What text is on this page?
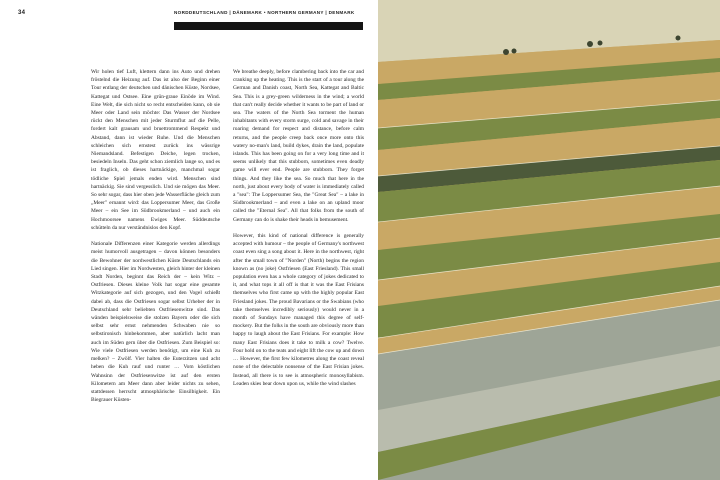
34	NORDDEUTSCHLAND | DÄNEMARK • NORTHERN GERMANY | DENMARK

Wir holen tief Luft, klettern dann ins Auto und drehen fröstelnd die Heizung auf. Das ist also der Beginn einer Tour entlang der deutschen und dänischen Küste, Nordsee, Kattegat und Ostsee. Eine grün-graue Einöde im Wind. Eine Welt, die sich nicht so recht entscheiden kann, ob sie Meer oder Land sein möchte: Das Wasser der Nordsee rückt den Menschen mit jeder Sturmflut auf die Pelle, fordert kalt grausam und bruettrommend Respekt und Abstand, dann ist wieder Ruhe. Und die Menschen schleichen sich ernstest zurück ins wässrige Niemandsland. Befestigen Deiche, legen trocken, besiedeln Inseln. Das geht schon ziemlich lange so, und es ist fraglich, ob dieses hartnäckige, manchmal sogar tödliche Spiel jemals enden wird. Menschen sind hartnäckig. Sie sind vergesslich. Und sie mögen das Meer. So sehr sogar, dass hier oben jede Wasserfläche gleich zum „Meer" ernannt wird: das Loppersumer Meer, das Große Meer – ein See im Südbrookmerland – und auch ein Hochmoorsee namens Ewiges Meer. Süddeutsche schütteln da nur verständnislos den Kopf.

Nationale Differenzen einer Kategorie werden allerdings meist humorvoll ausgetragen – davon können besonders die Bewohner der nordwestlichen Küste Deutschlands ein Lied singen. Hier im Nordwesten, gleich hinter der kleinen Stadt Norden, beginnt das Reich der – kein Witz – Ostfriesen. Dieses kleine Volk hat sogar eine gesamte Witzkategorie auf sich gezogen, und den Vogel schießt dabei ab, dass die Ostfriesen sogar selbst Urheber der in Deutschland sehr beliebten Ostfriesenwitze sind. Das wänden beispielsweise die stolzen Bayern oder die sich selbst sehr ernst nehmenden Schwaben nie so selbstironisch hinbekommen, aber natürlich lacht man auch im Süden gern über die Ostfriesen. Zum Beispiel so: Wie viele Ostfriesen werden benötigt, um eine Kuh zu melken? – Zwölf. Vier halten die Euterzitzen und acht heben die Kuh rauf und runter … Vom köstlichen Wahnsinn der Ostfriesenwitze ist auf den ersten Kilometern am Meer dann aber leider nichts zu sehen, stattdessen herrscht atmosphärische Einsilbigkeit. Ein Biegrauer Küsten-

We breathe deeply, before clambering back into the car and cranking up the heating. This is the start of a tour along the German and Danish coast, North Sea, Kattegat and Baltic Sea. This is a grey-green wilderness in the wind; a world that can't really decide whether it wants to be part of land or sea. The waters of the North Sea torment the human inhabitants with every storm surge, cold and savage in their roaring demand for respect and distance, before calm returns, and the people creep back once more onto this watery no-man's land, build dykes, drain the land, populate islands. This has been going on for a very long time and it seems unlikely that this stubborn, sometimes even deadly game will ever end. People are stubborn. They forget things. And they like the sea. So much that here in the north, just about every body of water is immediately called a "sea": The Loppersumer Sea, the "Great Sea" – a lake in Südbrookmerland – and even a lake on an upland moor called the "Eternal Sea". All that folks from the south of Germany can do is shake their heads in bemusement.

However, this kind of national difference is generally accepted with humour – the people of Germany's northwest coast even sing a song about it. Here in the northwest, right after the small town of "Norden" (North) begins the region known as (no joke) Ostfriesen (East Friesland). This small population even has a whole category of jokes dedicated to it, and what tops it all off is that it was the East Frisians themselves who first came up with the highly popular East Friesland jokes. The proud Bavarians or the Swabians (who take themselves incredibly seriously) would never in a month of Sundays have managed this degree of self-mockery. But the folks in the south are obviously more than happy to laugh about the East Frisians. For example: How many East Frisians does it take to milk a cow? Twelve. Four hold on to the teats and eight lift the cow up and down … However, the first few kilometres along the coast reveal none of the delectable nonsense of the East Frisian jokes. Instead, all there is to see is atmospheric monosyllabism. Leaden skies bear down upon us, while the wind slashes
